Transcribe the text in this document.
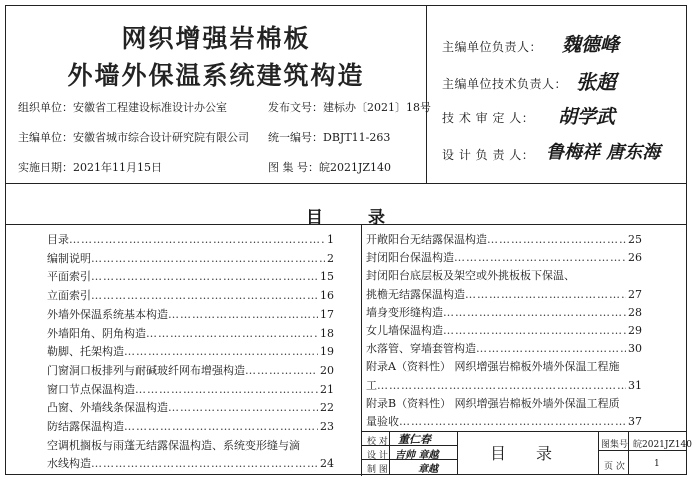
网织增强岩棉板
外墙外保温系统建筑构造
组织单位：安徽省工程建设标准设计办公室	发布文号：建标办〔2021〕18号
主编单位：安徽省城市综合设计研究院有限公司 统一编号：DBJT11-263
实施日期：2021年11月15日	图 集 号：皖2021JZ140
主编单位负责人： 魏德峰
主编单位技术负责人： 张超
技 术 审 定 人： 胡学武
设 计 负 责 人： 鲁梅祥 唐东海
目录
目录 ……………………………………………………………………………………………………………………………………	1
编制说明 ……………………………………………………………………………………………………………………………………	2
平面索引 ……………………………………………………………………………………………………………………………………	15
立面索引 ……………………………………………………………………………………………………………………………………	16
外墙外保温系统基本构造 ……………………………………………………………………………………………………………………………………	17
外墙阳角、阴角构造 ……………………………………………………………………………………………………………………………………	18
勒脚、托架构造 ……………………………………………………………………………………………………………………………………	19
门窗洞口板排列与耐碱玻纤网布增强构造 ……………………………………………………………………………………………………………………………………	20
窗口节点保温构造 ……………………………………………………………………………………………………………………………………	21
凸窗、外墙线条保温构造 ……………………………………………………………………………………………………………………………………	22
防结露保温构造 ……………………………………………………………………………………………………………………………………	23
空调机搁板与雨蓬无结露保温构造、系统变形缝与滴
水线构造 ……………………………………………………………………………………………………………………………………	24
开敞阳台无结露保温构造 ……………………………………………………………………………………………………………………………………	25
封闭阳台保温构造 ……………………………………………………………………………………………………………………………………	26
封闭阳台底层板及架空或外挑板板下保温、
挑檐无结露保温构造 ……………………………………………………………………………………………………………………………………	27
墙身变形缝构造 ……………………………………………………………………………………………………………………………………	28
女儿墙保温构造 ……………………………………………………………………………………………………………………………………	29
水落管、穿墙套管构造 ……………………………………………………………………………………………………………………………………	30
附录A（资料性） 网织增强岩棉板外墙外保温工程施
工 ……………………………………………………………………………………………………………………………………	31
附录B（资料性） 网织增强岩棉板外墙外保温工程质
量验收 ……………………………………………………………………………………………………………………………………	37
校 对 董仁春
设 计 吉帅 章越
制 图	章越
目录 图集号 皖2021JZ140
页 次	1
